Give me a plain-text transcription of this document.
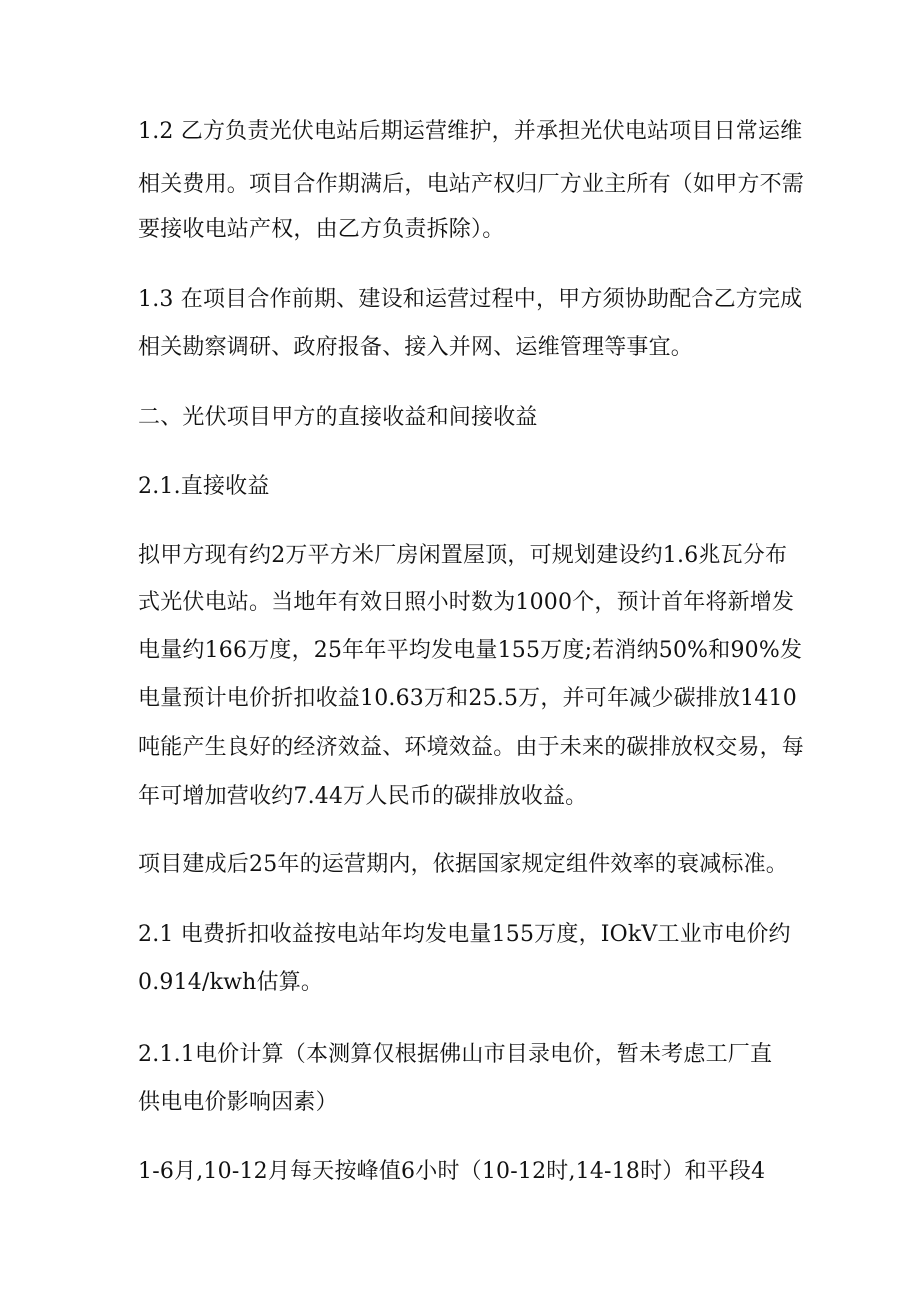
1.2 乙方负责光伏电站后期运营维护，并承担光伏电站项目日常运维
相关费用。项目合作期满后，电站产权归厂方业主所有（如甲方不需
要接收电站产权，由乙方负责拆除）。
1.3 在项目合作前期、建设和运营过程中，甲方须协助配合乙方完成
相关勘察调研、政府报备、接入并网、运维管理等事宜。
二、光伏项目甲方的直接收益和间接收益
2.1.直接收益
拟甲方现有约2万平方米厂房闲置屋顶，可规划建设约1.6兆瓦分布
式光伏电站。当地年有效日照小时数为1000个，预计首年将新增发
电量约166万度，25年年平均发电量155万度;若消纳50%和90%发
电量预计电价折扣收益10.63万和25.5万，并可年减少碳排放1410
吨能产生良好的经济效益、环境效益。由于未来的碳排放权交易，每
年可增加营收约7.44万人民币的碳排放收益。
项目建成后25年的运营期内，依据国家规定组件效率的衰减标准。
2.1 电费折扣收益按电站年均发电量155万度，IOkV工业市电价约
0.914/kwh估算。
2.1.1电价计算（本测算仅根据佛山市目录电价，暂未考虑工厂直
供电电价影响因素）
1-6月,10-12月每天按峰值6小时（10-12时,14-18时）和平段4
